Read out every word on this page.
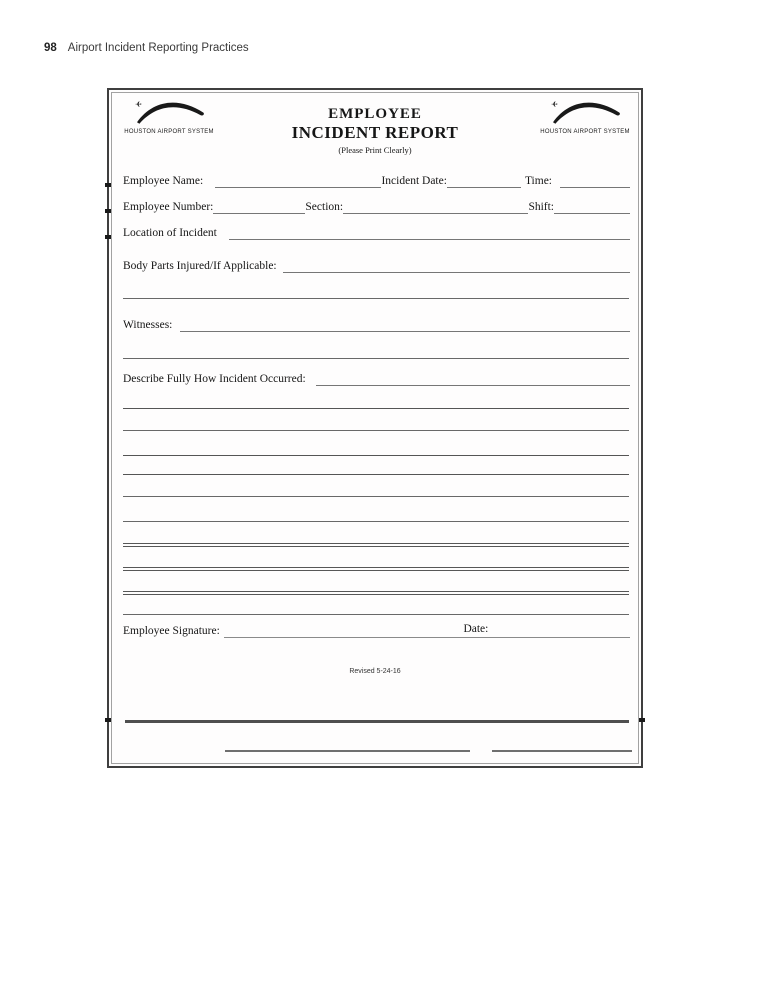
98 Airport Incident Reporting Practices
✈
HOUSTON AIRPORT SYSTEM
EMPLOYEE
INCIDENT REPORT
(Please Print Clearly)
✈
HOUSTON AIRPORT SYSTEM
Employee Name:	Incident Date:	Time:
Employee Number:	Section:	Shift:
Location of Incident
Body Parts Injured/If Applicable:
Witnesses:
Describe Fully How Incident Occurred:
Employee Signature:	Date:
Revised 5-24-16
